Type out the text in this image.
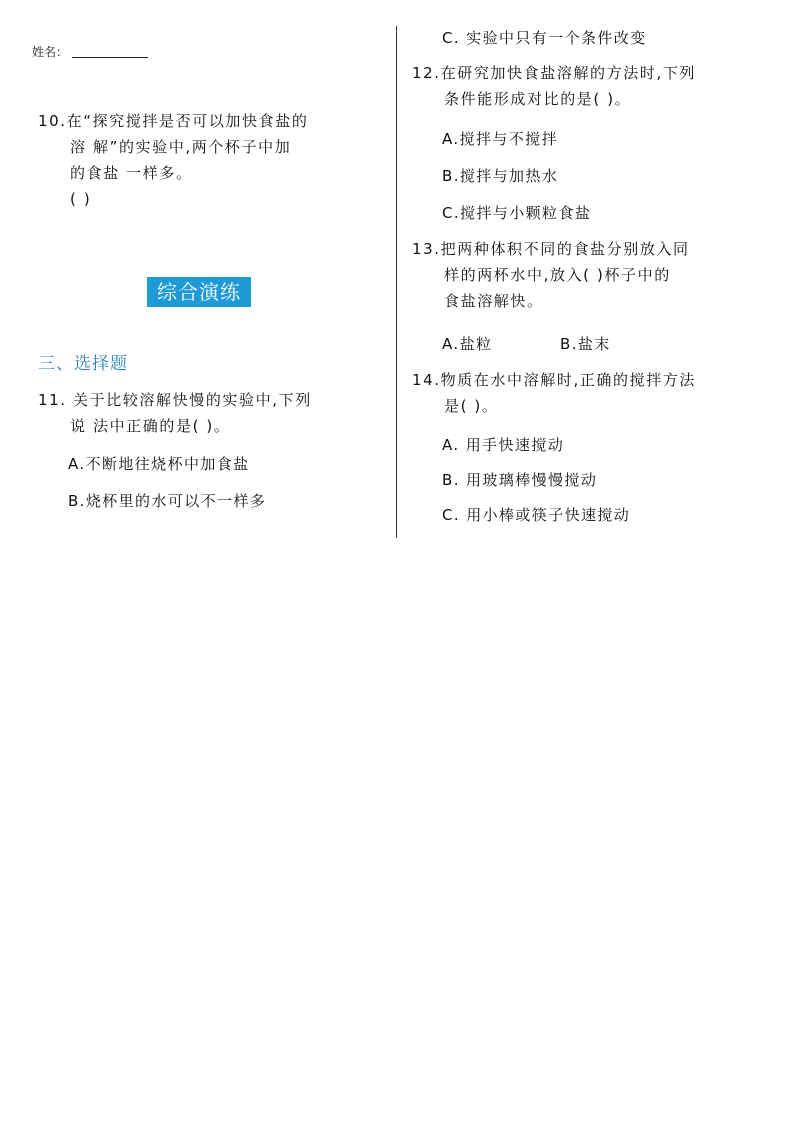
姓名：
10.在“探究搅拌是否可以加快食盐的
溶 解”的实验中,两个杯子中加
的食盐 一样多。
( )
综合演练
三、选择题
11. 关于比较溶解快慢的实验中,下列
说 法中正确的是( )。
A.不断地往烧杯中加食盐
B.烧杯里的水可以不一样多
C. 实验中只有一个条件改变
12.在研究加快食盐溶解的方法时,下列
条件能形成对比的是( )。
A.搅拌与不搅拌
B.搅拌与加热水
C.搅拌与小颗粒食盐
13.把两种体积不同的食盐分别放入同
样的两杯水中,放入( )杯子中的
食盐溶解快。
A.盐粒	B.盐末
14.物质在水中溶解时,正确的搅拌方法
是( )。
A. 用手快速搅动
B. 用玻璃棒慢慢搅动
C. 用小棒或筷子快速搅动
